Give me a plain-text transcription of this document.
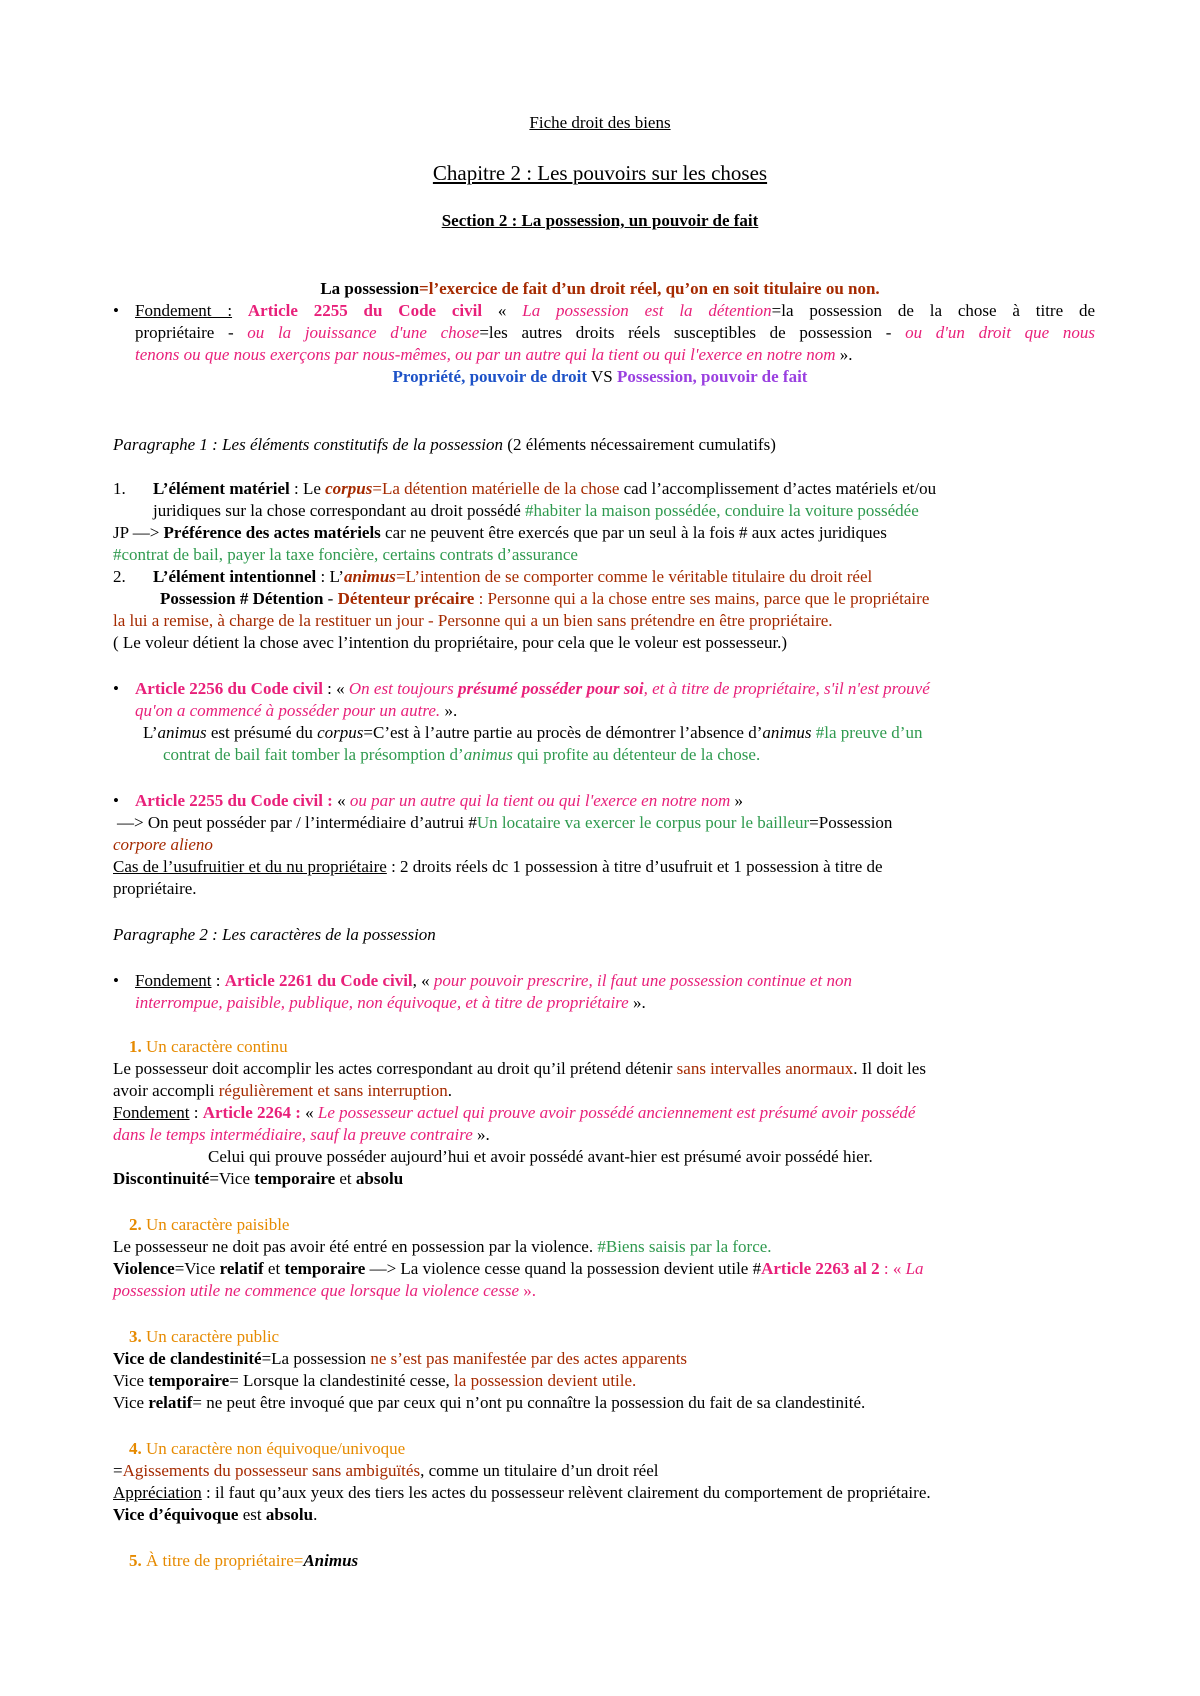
Fiche droit des biens
Chapitre 2 : Les pouvoirs sur les choses
Section 2 : La possession, un pouvoir de fait
La possession=l’exercice de fait d’un droit réel, qu’on en soit titulaire ou non.
• Fondement : Article 2255 du Code civil « La possession est la détention=la possession de la chose à titre de
propriétaire - ou la jouissance d'une chose=les autres droits réels susceptibles de possession - ou d'un droit que nous
tenons ou que nous exerçons par nous-mêmes, ou par un autre qui la tient ou qui l'exerce en notre nom ».
Propriété, pouvoir de droit VS Possession, pouvoir de fait
Paragraphe 1 : Les éléments constitutifs de la possession (2 éléments nécessairement cumulatifs)
1. L’élément matériel : Le corpus=La détention matérielle de la chose cad l’accomplissement d’actes matériels et/ou
juridiques sur la chose correspondant au droit possédé #habiter la maison possédée, conduire la voiture possédée
JP —> Préférence des actes matériels car ne peuvent être exercés que par un seul à la fois # aux actes juridiques
#contrat de bail, payer la taxe foncière, certains contrats d’assurance
2. L’élément intentionnel : L’animus=L’intention de se comporter comme le véritable titulaire du droit réel
Possession # Détention - Détenteur précaire : Personne qui a la chose entre ses mains, parce que le propriétaire
la lui a remise, à charge de la restituer un jour - Personne qui a un bien sans prétendre en être propriétaire.
( Le voleur détient la chose avec l’intention du propriétaire, pour cela que le voleur est possesseur.)
• Article 2256 du Code civil : « On est toujours présumé posséder pour soi, et à titre de propriétaire, s'il n'est prouvé
qu'on a commencé à posséder pour un autre. ».
L’animus est présumé du corpus=C’est à l’autre partie au procès de démontrer l’absence d’animus #la preuve d’un
contrat de bail fait tomber la présomption d’animus qui profite au détenteur de la chose.
• Article 2255 du Code civil : « ou par un autre qui la tient ou qui l'exerce en notre nom »
—> On peut posséder par / l’intermédiaire d’autrui #Un locataire va exercer le corpus pour le bailleur=Possession
corpore alieno
Cas de l’usufruitier et du nu propriétaire : 2 droits réels dc 1 possession à titre d’usufruit et 1 possession à titre de
propriétaire.
Paragraphe 2 : Les caractères de la possession
• Fondement : Article 2261 du Code civil, « pour pouvoir prescrire, il faut une possession continue et non
interrompue, paisible, publique, non équivoque, et à titre de propriétaire ».
1. Un caractère continu
Le possesseur doit accomplir les actes correspondant au droit qu’il prétend détenir sans intervalles anormaux. Il doit les
avoir accompli régulièrement et sans interruption.
Fondement : Article 2264 : « Le possesseur actuel qui prouve avoir possédé anciennement est présumé avoir possédé
dans le temps intermédiaire, sauf la preuve contraire ».
Celui qui prouve posséder aujourd’hui et avoir possédé avant-hier est présumé avoir possédé hier.
Discontinuité=Vice temporaire et absolu
2. Un caractère paisible
Le possesseur ne doit pas avoir été entré en possession par la violence. #Biens saisis par la force.
Violence=Vice relatif et temporaire —> La violence cesse quand la possession devient utile #Article 2263 al 2 : « La
possession utile ne commence que lorsque la violence cesse ».
3. Un caractère public
Vice de clandestinité=La possession ne s’est pas manifestée par des actes apparents
Vice temporaire= Lorsque la clandestinité cesse, la possession devient utile.
Vice relatif= ne peut être invoqué que par ceux qui n’ont pu connaître la possession du fait de sa clandestinité.
4. Un caractère non équivoque/univoque
=Agissements du possesseur sans ambiguïtés, comme un titulaire d’un droit réel
Appréciation : il faut qu’aux yeux des tiers les actes du possesseur relèvent clairement du comportement de propriétaire.
Vice d’équivoque est absolu.
5. À titre de propriétaire=Animus
